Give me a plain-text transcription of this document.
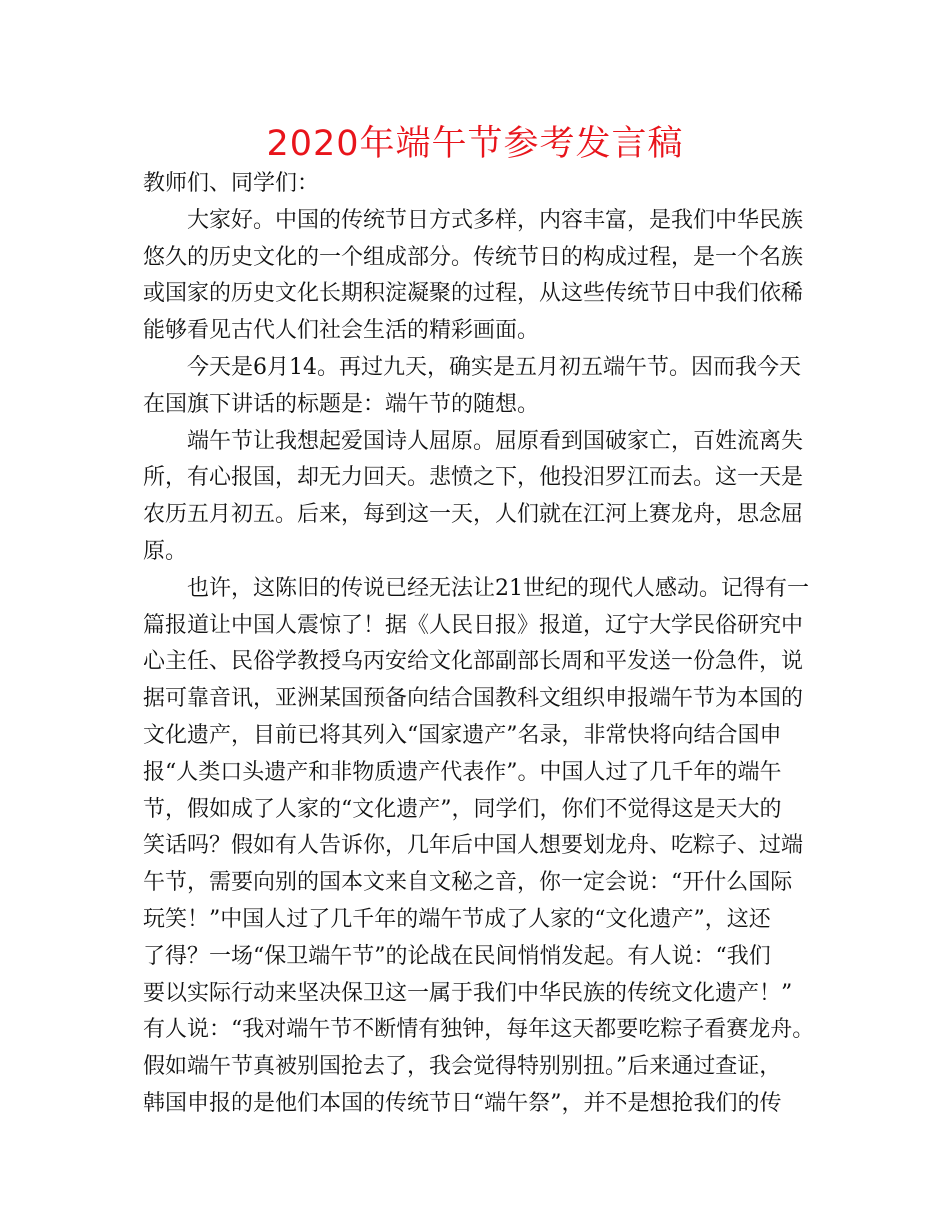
2020年端午节参考发言稿
教师们、同学们：
大家好。中国的传统节日方式多样，内容丰富，是我们中华民族
悠久的历史文化的一个组成部分。传统节日的构成过程，是一个名族
或国家的历史文化长期积淀凝聚的过程，从这些传统节日中我们依稀
能够看见古代人们社会生活的精彩画面。
今天是6月14。再过九天，确实是五月初五端午节。因而我今天
在国旗下讲话的标题是：端午节的随想。
端午节让我想起爱国诗人屈原。屈原看到国破家亡，百姓流离失
所，有心报国，却无力回天。悲愤之下，他投汨罗江而去。这一天是
农历五月初五。后来，每到这一天，人们就在江河上赛龙舟，思念屈
原。
也许，这陈旧的传说已经无法让21世纪的现代人感动。记得有一
篇报道让中国人震惊了！据《人民日报》报道，辽宁大学民俗研究中
心主任、民俗学教授乌丙安给文化部副部长周和平发送一份急件，说
据可靠音讯，亚洲某国预备向结合国教科文组织申报端午节为本国的
文化遗产，目前已将其列入“国家遗产”名录，非常快将向结合国申
报“人类口头遗产和非物质遗产代表作”。中国人过了几千年的端午
节，假如成了人家的“文化遗产”，同学们，你们不觉得这是天大的
笑话吗？假如有人告诉你，几年后中国人想要划龙舟、吃粽子、过端
午节，需要向别的国本文来自文秘之音，你一定会说：“开什么国际
玩笑！”中国人过了几千年的端午节成了人家的“文化遗产”，这还
了得？一场“保卫端午节”的论战在民间悄悄发起。有人说：“我们
要以实际行动来坚决保卫这一属于我们中华民族的传统文化遗产！”
有人说：“我对端午节不断情有独钟，每年这天都要吃粽子看赛龙舟。
假如端午节真被别国抢去了，我会觉得特别别扭。”后来通过查证，
韩国申报的是他们本国的传统节日“端午祭”，并不是想抢我们的传
